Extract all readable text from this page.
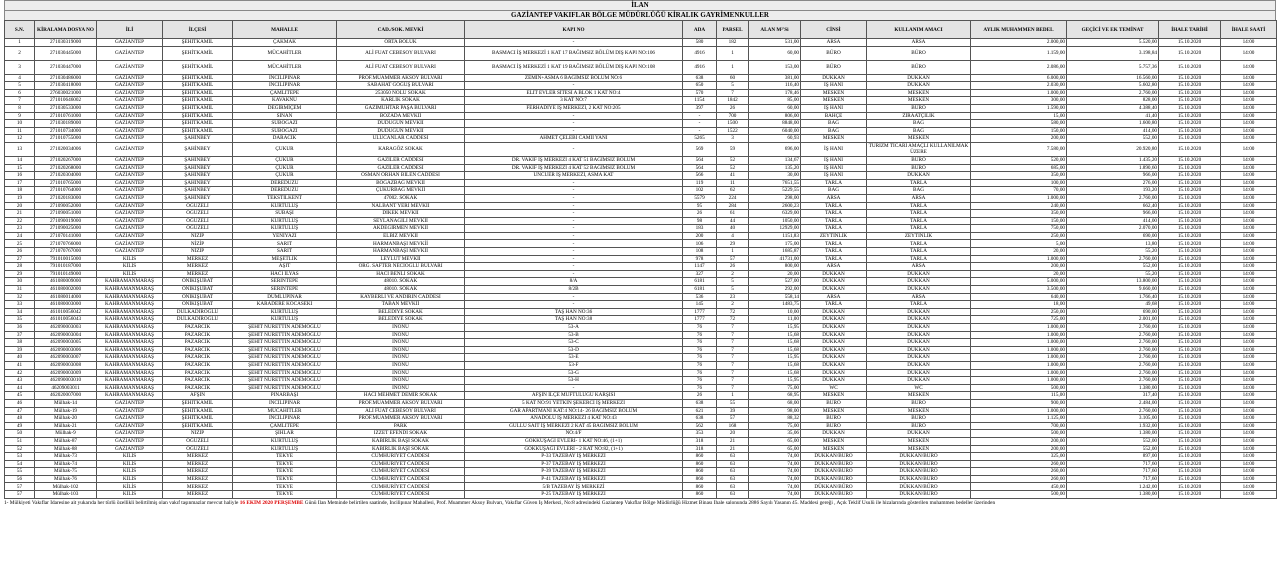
İLAN
GAZİANTEP VAKIFLAR BÖLGE MÜDÜRLÜĞÜ KİRALIK GAYRİMENKULLER
S.N.	KİRALAMA DOSYA NO	İLİ	İLÇESİ	MAHALLE	CAD./SOK. MEVKİ	KAPI NO	ADA	PARSEL	ALAN M²'Si	CİNSİ	KULLANIM AMACI	AYLIK MUHAMMEN BEDEL	GEÇİCİ VE EK TEMİNAT	İHALE TARİHİ	İHALE SAATİ
1	271030319000	GAZİANTEP	ŞEHİTKAMİL	ÇAKMAK	ORTA BÖLÜK	-	580	182	531,00	ARSA	ARSA	2.000,00	5.520,00	15.10.2020	14:00
2	271030445000	GAZİANTEP	ŞEHİTKAMİL	MÜCAHİTLER	ALİ FUAT CEBESOY BULVARI	BASMACI İŞ MERKEZİ 1 KAT 17 BAĞIMSIZ BÖLÜM DIŞ KAPI NO:106	4916	1	60,00	BÜRO	BÜRO	1.159,00	3.198,84	15.10.2020	14:00
3	271030447000	GAZİANTEP	ŞEHİTKAMİL	MÜCAHİTLER	ALİ FUAT CEBESOY BULVARI	BASMACI İŞ MERKEZİ 1 KAT 19 BAĞIMSIZ BÖLÜM DIŞ KAPI NO:108	4916	1	153,00	BÜRO	BÜRO	2.086,00	5.757,36	15.10.2020	14:00
4	271030486000	GAZİANTEP	ŞEHİTKAMİL	İNCİLİPINAR	PROF.MUAMMER AKSOY BULVARI	ZEMİN+ASMA 6 BAĞIMSIZ BÖLÜM NO:6	638	60	381,00	DÜKKAN	DÜKKAN	6.000,00	16.560,00	15.10.2020	14:00
5	271030418000	GAZİANTEP	ŞEHİTKAMİL	İNCİLİPINAR	SABAHAT GÖĞÜŞ BULVARI	-	650	5	116,40	İŞ HANI	DÜKKAN	2.030,00	5.602,80	15.10.2020	14:00
6	276030021000	GAZİANTEP	ŞEHİTKAMİL	ÇAMLITEPE	253050 NOLU SOKAK	ELİT EVLER SİTESİ A BLOK 1 KAT NO:4	570	7	178,46	MESKEN	MESKEN	1.000,00	2.760,00	15.10.2020	14:00
7	271010646002	GAZİANTEP	ŞEHİTKAMİL	KAVAKNU	KARLIK SOKAK	3 KAT NO:7	1154	1842	85,00	MESKEN	MESKEN	300,00	828,00	15.10.2020	14:00
8	271030533000	GAZİANTEP	ŞEHİTKAMİL	DEĞİRMİÇEM	GAZİMUHTAR PAŞA BULVARI	FERHADİYE İŞ MERKEZİ, 2 KAT NO:205	397	26	60,00	İŞ HANI	BÜRO	1.590,00	4.388,40	15.10.2020	14:00
9	271010761000	GAZİANTEP	ŞEHİTKAMİL	SİNAN	BOZADA MEVKİİ	-	-	700	806,00	BAHÇE	ZİRAATÇILIK	15,00	41,40	15.10.2020	14:00
10	271030189000	GAZİANTEP	ŞEHİTKAMİL	SUBOĞAZI	DUDÜĞÜN MEVKİİ	-	-	1500	8848,00	BAĞ	BAĞ	580,00	1.600,80	15.10.2020	14:00
11	271010734000	GAZİANTEP	ŞEHİTKAMİL	SUBOĞAZI	DUDÜĞÜN MEVKİİ	-	-	1522	6040,00	BAĞ	BAĞ	150,00	414,00	15.10.2020	14:00
12	271010755000	GAZİANTEP	ŞAHİNBEY	DARACIK	ULUCANLAR CADDESİ	AHMET ÇELEBİ CAMİİ YANI	5265	3	60,93	MESKEN	MESKEN	200,00	552,00	15.10.2020	14:00
13	271020034006	GAZİANTEP	ŞAHİNBEY	ÇUKUR	KARAGÖZ SOKAK	-	569	59	696,00	İŞ HANI	TURİZM TİCARİ AMAÇLI KULLANILMAK ÜZERE	7.580,00	20.920,80	15.10.2020	14:00
14	271020267000	GAZİANTEP	ŞAHİNBEY	ÇUKUR	GAZİLER CADDESİ	DR. VAKIF İŞ MERKEZİ 4 KAT 51 BAĞIMSIZ BÖLÜM	564	52	134,67	İŞ HANI	BÜRO	520,00	1.435,20	15.10.2020	14:00
15	271020268000	GAZİANTEP	ŞAHİNBEY	ÇUKUR	GAZİLER CADDESİ	DR. VAKIF İŞ MERKEZİ 4 KAT 52 BAĞIMSIZ BÖLÜM	564	52	135,20	İŞ HANI	BÜRO	685,00	1.890,60	15.10.2020	14:00
16	271020304000	GAZİANTEP	ŞAHİNBEY	ÇUKUR	OSMAN ORHAN BİLEN CADDESİ	UNCUER İŞ MERKEZİ, ASMA KAT	566	41	30,00	İŞ HANI	DÜKKAN	350,00	966,00	15.10.2020	14:00
17	271010765000	GAZİANTEP	ŞAHİNBEY	DEREDÜZÜ	BOĞAZBAĞ MEVKİİ	-	119	11	7651,55	TARLA	TARLA	100,00	276,00	15.10.2020	14:00
18	271010764000	GAZİANTEP	ŞAHİNBEY	DEREDÜZÜ	ÇUKURBAĞ MEVKİİ	-	102	62	5229,55	BAĞ	BAĞ	70,00	193,20	15.10.2020	14:00
19	271020183000	GAZİANTEP	ŞAHİNBEY	TEKSTİLKENT	47002. SOKAK	-	5579	224	298,00	ARSA	ARSA	1.000,00	2.760,00	15.10.2020	14:00
20	271090052000	GAZİANTEP	OĞUZELİ	KURTULUŞ	NALBANT YERİ MEVKİİ	-	95	284	2600,23	TARLA	TARLA	240,00	662,40	15.10.2020	14:00
21	271090051000	GAZİANTEP	OĞUZELİ	SUBAŞI	DİKEK MEVKİİ	-	26	61	6329,00	TARLA	TARLA	350,00	966,00	15.10.2020	14:00
22	271090019000	GAZİANTEP	OĞUZELİ	KURTULUŞ	SEYLANAĞILI MEVKİİ	-	98	44	1050,00	TARLA	TARLA	150,00	414,00	15.10.2020	14:00
23	271090025000	GAZİANTEP	OĞUZELİ	KURTULUŞ	AKDEĞİRMEN MEVKİİ	-	183	40	12929,00	TARLA	TARLA	750,00	2.070,00	15.10.2020	14:00
24	271070141000	GAZİANTEP	NİZİP	YENİYAZI	ELBİZ MEVKİİ	-	200	4	1151,83	ZEYTİNLİK	ZEYTİNLİK	250,00	690,00	15.10.2020	14:00
25	271070766000	GAZİANTEP	NİZİP	SARIT	HARMANBAŞI MEVKİİ	-	106	29	175,00	TARLA	TARLA	5,00	13,80	15.10.2020	14:00
26	271070767000	GAZİANTEP	NİZİP	SARIT	HARMANBAŞI MEVKİİ	-	108	1	1685,87	TARLA	TARLA	20,00	55,20	15.10.2020	14:00
27	791010015000	KİLİS	MERKEZ	MEŞETLİK	LEYLÜT MEVKİİ	-	978	57	41731,00	TARLA	TARLA	1.000,00	2.760,00	15.10.2020	14:00
28	791010187000	KİLİS	MERKEZ	AŞIT	ORG. SAFTER NECİOĞLU BULVARI	-	1147	26	800,00	ARSA	ARSA	200,00	552,00	15.10.2020	14:00
29	791010149000	KİLİS	MERKEZ	HACI İLYAS	HACI BENLİ SOKAK	-	327	2	20,00	DÜKKAN	DÜKKAN	20,00	55,20	15.10.2020	14:00
30	461080009000	KAHRAMANMARAŞ	ONİKİŞUBAT	SERİNTEPE	48010. SOKAK	8/A	6181	5	527,00	DÜKKAN	DÜKKAN	5.000,00	13.800,00	15.10.2020	14:00
31	461080002000	KAHRAMANMARAŞ	ONİKİŞUBAT	SERİNTEPE	48010. SOKAK	8/2B	6181	5	292,00	DÜKKAN	DÜKKAN	3.500,00	9.660,00	15.10.2020	14:00
32	461080014000	KAHRAMANMARAŞ	ONİKİŞUBAT	DUMLUPINAR	KAYBERLİ VE ANDIRIN CADDESİ	-	536	23	558,14	ARSA	ARSA	640,00	1.766,40	15.10.2020	14:00
33	461080003000	KAHRAMANMARAŞ	ONİKİŞUBAT	KARADERE KOCASEKİ	TABAN MEVKİİ	-	145	2	1483,75	TARLA	TARLA	18,00	49,68	15.10.2020	14:00
34	461010056042	KAHRAMANMARAŞ	DULKADİROĞLU	KURTULUŞ	BELEDİYE SOKAK	TAŞ HAN NO:36	1777	72	10,00	DÜKKAN	DÜKKAN	250,00	690,00	15.10.2020	14:00
35	461010056043	KAHRAMANMARAŞ	DULKADİROĞLU	KURTULUŞ	BELEDİYE SOKAK	TAŞ HAN NO:38	1777	72	11,00	DÜKKAN	DÜKKAN	725,00	2.001,00	15.10.2020	14:00
36	462090003003	KAHRAMANMARAŞ	PAZARCIK	ŞEHİT NURETTİN ADEMOĞLU	İNÖNÜ	53-A	76	7	15,95	DÜKKAN	DÜKKAN	1.000,00	2.760,00	15.10.2020	14:00
37	462090003004	KAHRAMANMARAŞ	PAZARCIK	ŞEHİT NURETTİN ADEMOĞLU	İNÖNÜ	53-B	76	7	15,68	DÜKKAN	DÜKKAN	1.000,00	2.760,00	15.10.2020	14:00
38	462090003005	KAHRAMANMARAŞ	PAZARCIK	ŞEHİT NURETTİN ADEMOĞLU	İNÖNÜ	53-C	76	7	15,68	DÜKKAN	DÜKKAN	1.000,00	2.760,00	15.10.2020	14:00
39	462090003006	KAHRAMANMARAŞ	PAZARCIK	ŞEHİT NURETTİN ADEMOĞLU	İNÖNÜ	53-D	76	7	15,68	DÜKKAN	DÜKKAN	1.000,00	2.760,00	15.10.2020	14:00
40	462090003007	KAHRAMANMARAŞ	PAZARCIK	ŞEHİT NURETTİN ADEMOĞLU	İNÖNÜ	53-E	76	7	15,95	DÜKKAN	DÜKKAN	1.000,00	2.760,00	15.10.2020	14:00
41	462090003008	KAHRAMANMARAŞ	PAZARCIK	ŞEHİT NURETTİN ADEMOĞLU	İNÖNÜ	53-F	76	7	15,68	DÜKKAN	DÜKKAN	1.000,00	2.760,00	15.10.2020	14:00
42	462090003009	KAHRAMANMARAŞ	PAZARCIK	ŞEHİT NURETTİN ADEMOĞLU	İNÖNÜ	53-G	76	7	15,68	DÜKKAN	DÜKKAN	1.000,00	2.760,00	15.10.2020	14:00
43	462090003010	KAHRAMANMARAŞ	PAZARCIK	ŞEHİT NURETTİN ADEMOĞLU	İNÖNÜ	53-H	76	7	15,95	DÜKKAN	DÜKKAN	1.000,00	2.760,00	15.10.2020	14:00
44	46209003011	KAHRAMANMARAŞ	PAZARCIK	ŞEHİT NURETTİN ADEMOĞLU	İNÖNÜ	-	76	7	75,00	WC	WC	500,00	1.380,00	15.10.2020	14:00
45	462020007000	KAHRAMANMARAŞ	AFŞİN	PINARBAŞI	HACI MEHMET DEMİR SOKAK	AFŞİN İLÇE MÜFTÜLÜĞÜ KARŞISI	26	1	68,95	MESKEN	MESKEN	115,00	317,40	15.10.2020	14:00
46	Mülhak-14	GAZİANTEP	ŞEHİTKAMİL	İNCİLİPINAR	PROF.MUAMMER AKSOY BULVARI	5 KAT NO:91 YETKİN ŞEKERCİ İŞ MERKEZİ	638	55	68,00	BÜRO	BÜRO	900,00	2.484,00	15.10.2020	14:00
47	Mülhak-19	GAZİANTEP	ŞEHİTKAMİL	MÜCAHİTLER	ALİ FUAT CEBESOY BULVARI	GAR APARTMANI KAT:4 NO:14- 26 BAĞIMSIZ BÖLÜM	621	39	98,00	MESKEN	MESKEN	1.000,00	2.760,00	15.10.2020	14:00
48	Mülhak-20	GAZİANTEP	ŞEHİTKAMİL	İNCİLİPINAR	PROF.MUAMMER AKSOY BULVARI	ANADOLU İŞ MERKEZİ 4 KAT NO:43	638	57	88,32	BÜRO	BÜRO	1.125,00	3.105,00	15.10.2020	14:00
49	Mülhak-21	GAZİANTEP	ŞEHİTKAMİL	ÇAMLITEPE	PARK	GÜLLÜ SAİT İŞ MERKEZİ 2 KAT 45 BAĞIMSIZ BÖLÜM	562	168	75,00	BÜRO	BÜRO	700,00	1.932,00	15.10.2020	14:00
50	Mülhak-9	GAZİANTEP	NİZİP	ŞIHLAR	İZZET EFENDİ SOKAK	NO:4/F	353	20	35,06	DÜKKAN	DÜKKAN	500,00	1.380,00	15.10.2020	14:00
51	Mülhak-87	GAZİANTEP	OĞUZELİ	KURTULUŞ	KABİRLİK BAŞI SOKAK	GÖKKUŞAĞI EVLERİ- 1 KAT NO:46, (1+1)	318	21	65,00	MESKEN	MESKEN	200,00	552,00	15.10.2020	14:00
52	Mülhak-88	GAZİANTEP	OĞUZELİ	KURTULUŞ	KABİRLİK BAŞI SOKAK	GÖKKUŞAĞI EVLERİ - 2 KAT NO:82, (1+1)	318	21	65,00	MESKEN	MESKEN	200,00	552,00	15.10.2020	14:00
53	Mülhak-73	KİLİS	MERKEZ	TEKYE	CUMHURİYET CADDESİ	P-33 TAZEBAY İŞ MERKEZİ	860	63	74,00	DÜKKAN/BÜRO	DÜKKAN/BÜRO	325,00	897,00	15.10.2020	14:00
54	Mülhak-74	KİLİS	MERKEZ	TEKYE	CUMHURİYET CADDESİ	P-37 TAZEBAY İŞ MERKEZİ	860	63	74,00	DÜKKAN/BÜRO	DÜKKAN/BÜRO	260,00	717,60	15.10.2020	14:00
55	Mülhak-75	KİLİS	MERKEZ	TEKYE	CUMHURİYET CADDESİ	P-39 TAZEBAY İŞ MERKEZİ	860	63	74,00	DÜKKAN/BÜRO	DÜKKAN/BÜRO	260,00	717,60	15.10.2020	14:00
56	Mülhak-76	KİLİS	MERKEZ	TEKYE	CUMHURİYET CADDESİ	P-41 TAZEBAY İŞ MERKEZİ	860	63	74,00	DÜKKAN/BÜRO	DÜKKAN/BÜRO	260,00	717,60	15.10.2020	14:00
57	Mülhak-102	KİLİS	MERKEZ	TEKYE	CUMHURİYET CADDESİ	5/B TAZEBAY İŞ MERKEZİ	860	63	74,00	DÜKKAN/BÜRO	DÜKKAN/BÜRO	450,00	1.242,00	15.10.2020	14:00
57	Mülhak-103	KİLİS	MERKEZ	TEKYE	CUMHURİYET CADDESİ	P-25 TAZEBAY İŞ MERKEZİ	860	63	74,00	DÜKKAN/BÜRO	DÜKKAN/BÜRO	500,00	1.380,00	15.10.2020	14:00
1- Mülkiyeti Vakıflar İdaresine ait yukarıda her türlü özellikli belirtilmiş olan vakıf taşınmazlar mevcut haliyle 16 EKİM 2020 PERŞEMBE Günü İlan Metninde belirtilen saatinde, İncilipınar Mahallesi, Prof. Muammer Aksoy Bulvarı, Vakıflar Güven İş Merkezi, No:8 adresindeki Gaziantep Vakıflar Bölge Müdürlüğü Hizmet Binası İhale salonunda 2886 Sayılı Yasanın 45. Maddesi gereği , Açık Teklif Usulü ile hizalarında gösterilen muhammen bedeller üzerinden
